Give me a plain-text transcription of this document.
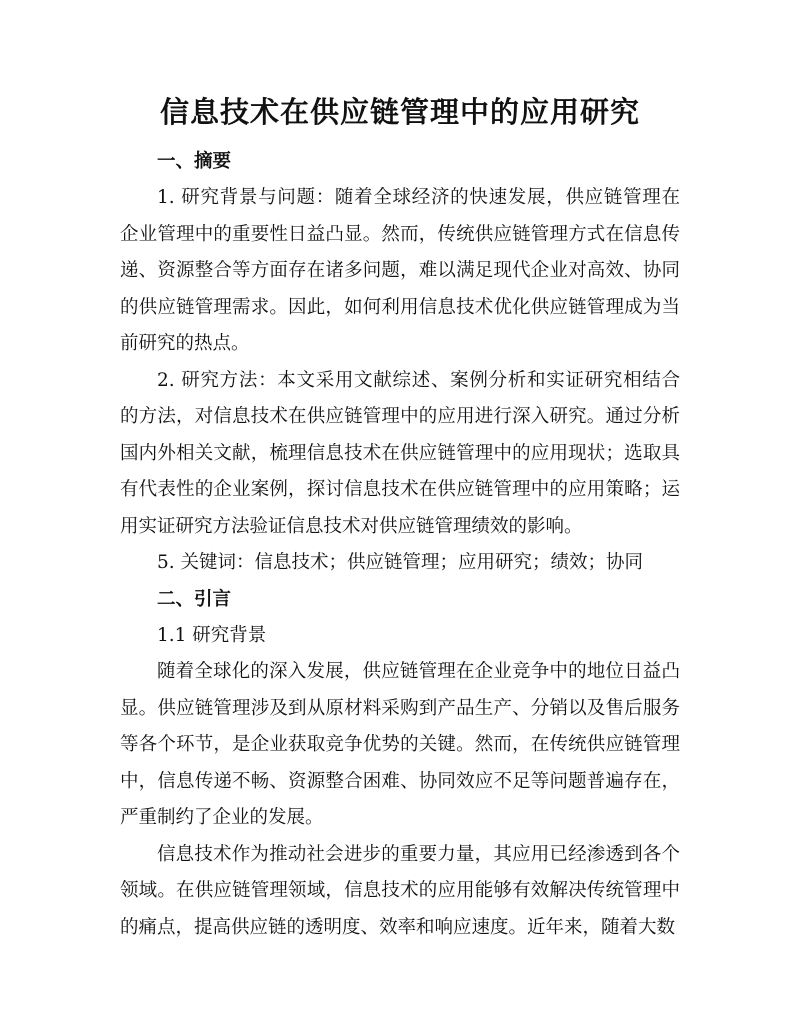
信息技术在供应链管理中的应用研究
一、摘要

1. 研究背景与问题：随着全球经济的快速发展，供应链管理在企业管理中的重要性日益凸显。然而，传统供应链管理方式在信息传递、资源整合等方面存在诸多问题，难以满足现代企业对高效、协同的供应链管理需求。因此，如何利用信息技术优化供应链管理成为当前研究的热点。

2. 研究方法：本文采用文献综述、案例分析和实证研究相结合的方法，对信息技术在供应链管理中的应用进行深入研究。通过分析国内外相关文献，梳理信息技术在供应链管理中的应用现状；选取具有代表性的企业案例，探讨信息技术在供应链管理中的应用策略；运用实证研究方法验证信息技术对供应链管理绩效的影响。

5. 关键词：信息技术；供应链管理；应用研究；绩效；协同

二、引言

1.1 研究背景

随着全球化的深入发展，供应链管理在企业竞争中的地位日益凸显。供应链管理涉及到从原材料采购到产品生产、分销以及售后服务等各个环节，是企业获取竞争优势的关键。然而，在传统供应链管理中，信息传递不畅、资源整合困难、协同效应不足等问题普遍存在，严重制约了企业的发展。

信息技术作为推动社会进步的重要力量，其应用已经渗透到各个领域。在供应链管理领域，信息技术的应用能够有效解决传统管理中的痛点，提高供应链的透明度、效率和响应速度。近年来，随着大数
